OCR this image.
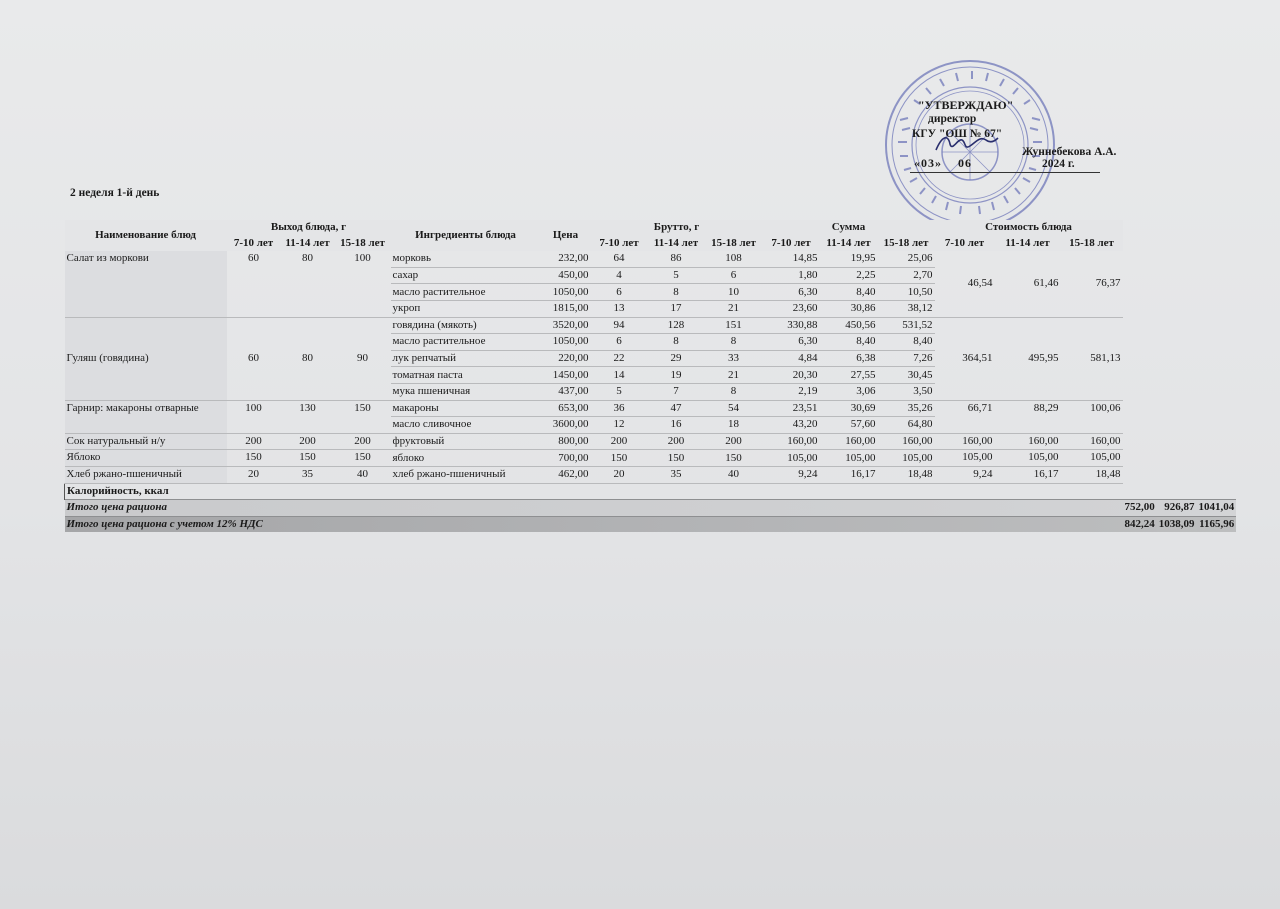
"УТВЕРЖДАЮ"
директор
КГУ "ОШ № 67"
Жуннебекова А.А.
«03»  06	2024 г.
2 неделя 1-й день
Наименование блюд	Выход блюда, г			Ингредиенты блюда	Цена	Брутто, г			Сумма			Стоимость блюда					
	7-10 лет	11-14 лет	15-18 лет			7-10 лет	11-14 лет	15-18 лет	7-10 лет	11-14 лет	15-18 лет	7-10 лет	11-14 лет	15-18 лет			
Салат из моркови	60	80	100	морковь	232,00	64	86	108	14,85	19,95	25,06	46,54	61,46	76,37			
				сахар	450,00	4	5	6	1,80	2,25	2,70						
				масло растительное	1050,00	6	8	10	6,30	8,40	10,50						
				укроп	1815,00	13	17	21	23,60	30,86	38,12						
Гуляш (говядина)	60	80	90	говядина (мякоть)	3520,00	94	128	151	330,88	450,56	531,52	364,51	495,95	581,13			
				масло растительное	1050,00	6	8	8	6,30	8,40	8,40						
				лук репчатый	220,00	22	29	33	4,84	6,38	7,26						
				томатная паста	1450,00	14	19	21	20,30	27,55	30,45						
				мука пшеничная	437,00	5	7	8	2,19	3,06	3,50						
Гарнир: макароны отварные	100	130	150	макароны	653,00	36	47	54	23,51	30,69	35,26	66,71	88,29	100,06			
				масло сливочное	3600,00	12	16	18	43,20	57,60	64,80						
Сок натуральный н/у	200	200	200	фруктовый	800,00	200	200	200	160,00	160,00	160,00	160,00	160,00	160,00			
Яблоко	150	150	150	яблоко	700,00	150	150	150	105,00	105,00	105,00	105,00	105,00	105,00			
Хлеб ржано-пшеничный	20	35	40	хлеб ржано-пшеничный	462,00	20	35	40	9,24	16,17	18,48	9,24	16,17	18,48			
Калорийность, ккал																	
Итого цена рациона															752,00	926,87	1041,04
Итого цена рациона с учетом 12% НДС															842,24	1038,09	1165,96
